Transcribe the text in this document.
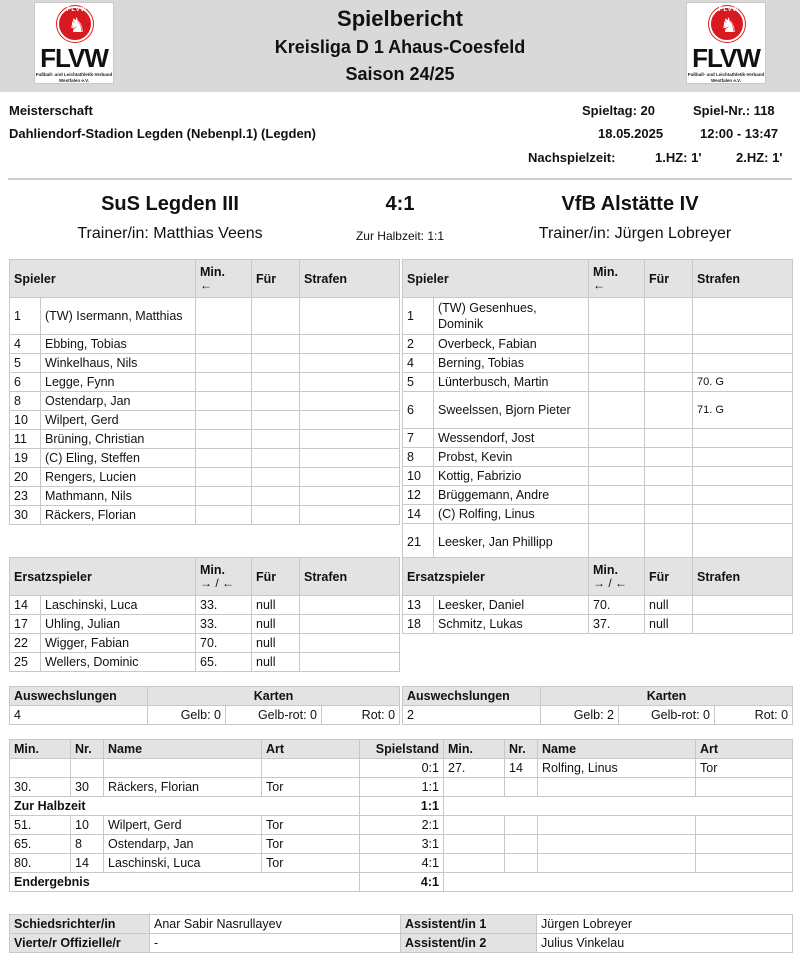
FLVW
♞
FLVW
Fußball- und Leichtathletik-Verband
Westfalen e.V.
FLVW
♞
FLVW
Fußball- und Leichtathletik-Verband
Westfalen e.V.
Spielbericht
Kreisliga D 1 Ahaus-Coesfeld
Saison 24/25
Meisterschaft
Dahliendorf-Stadion Legden (Nebenpl.1) (Legden)
Spieltag: 20	Spiel-Nr.: 118
18.05.2025	12:00 - 13:47
Nachspielzeit:	1.HZ: 1'	2.HZ: 1'
SuS Legden III	4:1	VfB Alstätte IV
Trainer/in: Matthias Veens	Zur Halbzeit: 1:1	Trainer/in: Jürgen Lobreyer
Spieler		Min.
←	Für	Strafen
1	(TW) Isermann, Matthias			
4	Ebbing, Tobias			
5	Winkelhaus, Nils			
6	Legge, Fynn			
8	Ostendarp, Jan			
10	Wilpert, Gerd			
11	Brüning, Christian			
19	(C) Eling, Steffen			
20	Rengers, Lucien			
23	Mathmann, Nils			
30	Räckers, Florian			
Spieler		Min.
←	Für	Strafen
1	(TW) Gesenhues, Dominik			
2	Overbeck, Fabian			
4	Berning, Tobias			
5	Lünterbusch, Martin			70. G
6	Sweelssen, Bjorn Pieter			71. G
7	Wessendorf, Jost			
8	Probst, Kevin			
10	Kottig, Fabrizio			
12	Brüggemann, Andre			
14	(C) Rolfing, Linus			
21	Leesker, Jan Phillipp			
Ersatzspieler		Min.
→ / ←	Für	Strafen
14	Laschinski, Luca	33.	null	
17	Uhling, Julian	33.	null	
22	Wigger, Fabian	70.	null	
25	Wellers, Dominic	65.	null	
Ersatzspieler		Min.
→ / ←	Für	Strafen
13	Leesker, Daniel	70.	null	
18	Schmitz, Lukas	37.	null	
Auswechslungen	Karten		
4	Gelb: 0	Gelb-rot: 0	Rot: 0
Auswechslungen	Karten		
2	Gelb: 2	Gelb-rot: 0	Rot: 0
Min.	Nr.	Name	Art	Spielstand	Min.	Nr.	Name	Art
				0:1	27.	14	Rolfing, Linus	Tor
30.	30	Räckers, Florian	Tor	1:1				
Zur Halbzeit				1:1				
51.	10	Wilpert, Gerd	Tor	2:1				
65.	8	Ostendarp, Jan	Tor	3:1				
80.	14	Laschinski, Luca	Tor	4:1				
Endergebnis				4:1				
Schiedsrichter/in	Anar Sabir Nasrullayev	Assistent/in 1	Jürgen Lobreyer
Vierte/r Offizielle/r	-	Assistent/in 2	Julius Vinkelau
